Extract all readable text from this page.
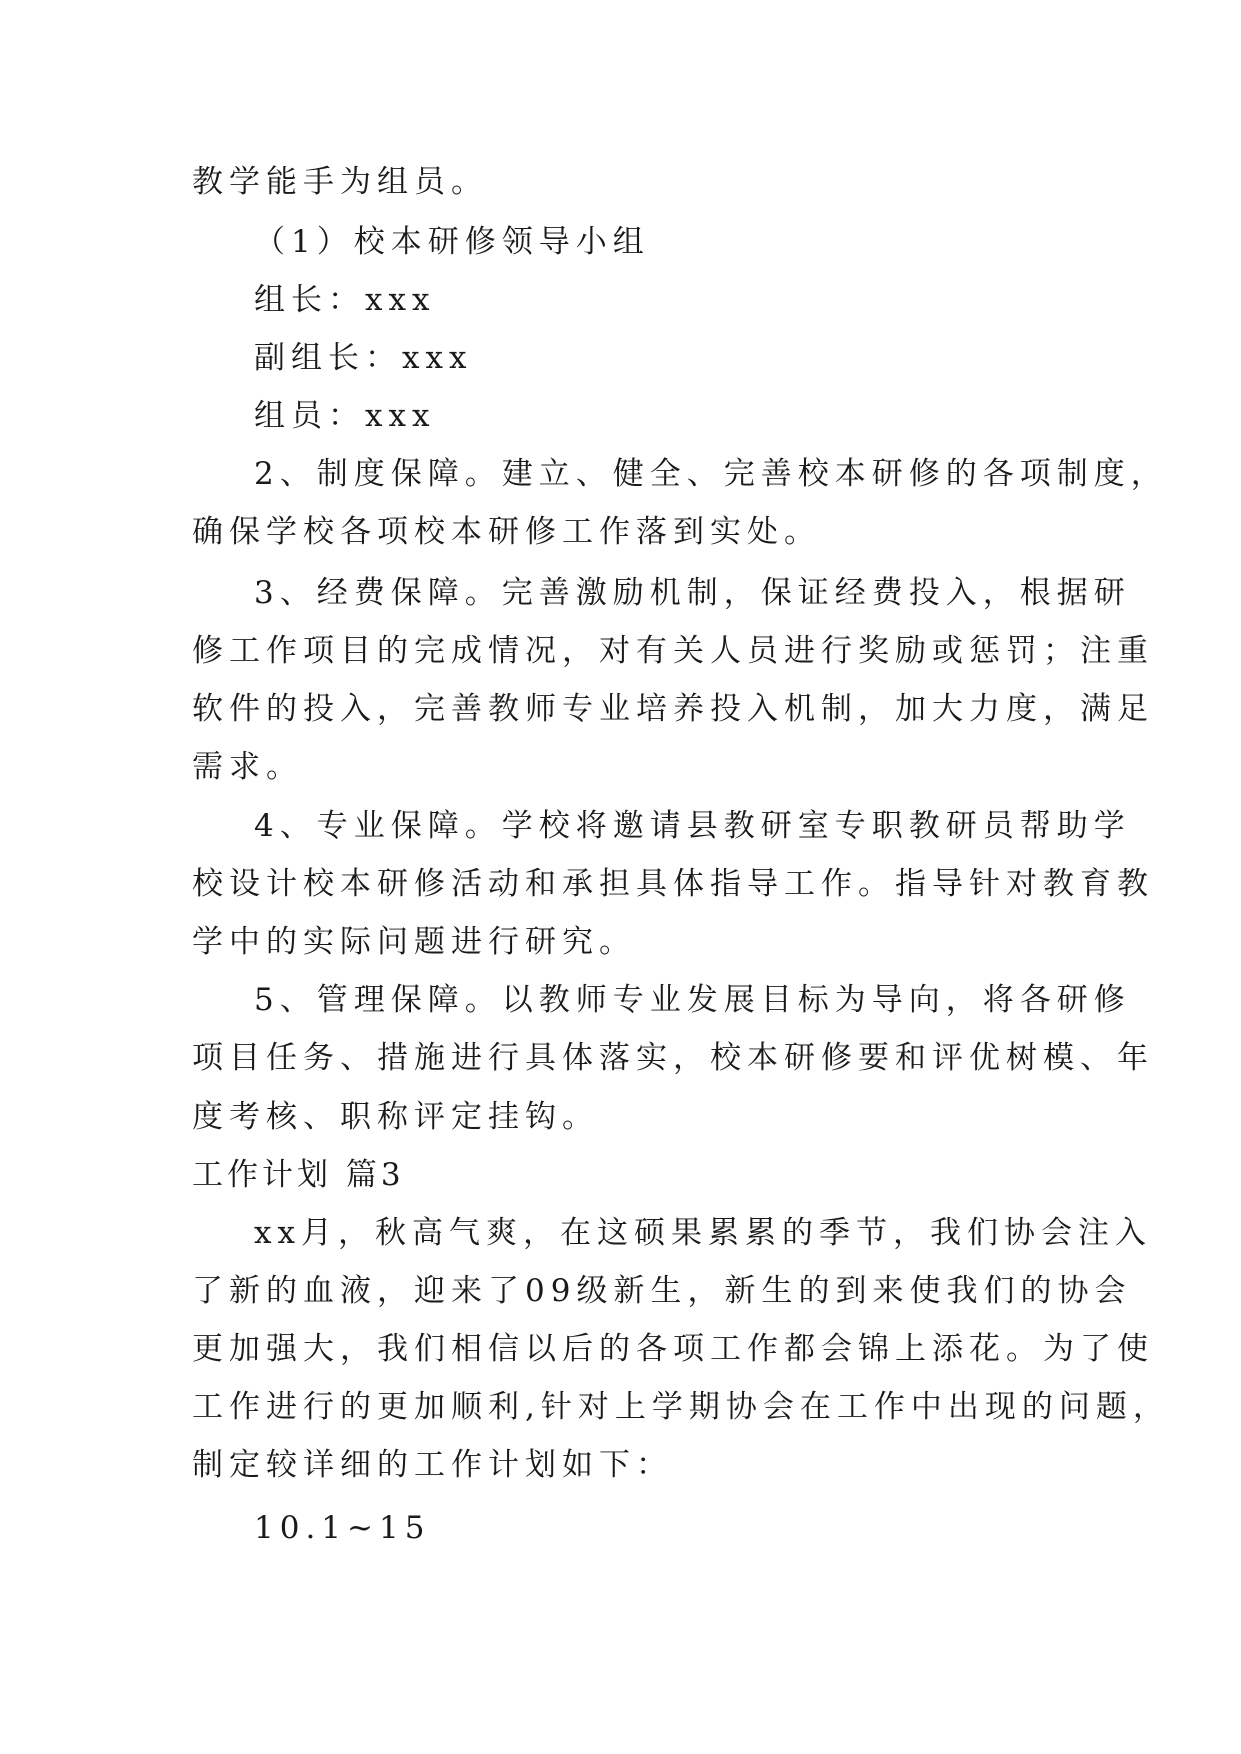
教学能手为组员。

（1）校本研修领导小组

组长：xxx

副组长：xxx

组员：xxx

2、制度保障。建立、健全、完善校本研修的各项制度，

确保学校各项校本研修工作落到实处。

3、经费保障。完善激励机制，保证经费投入，根据研

修工作项目的完成情况，对有关人员进行奖励或惩罚；注重

软件的投入，完善教师专业培养投入机制，加大力度，满足

需求。

4、专业保障。学校将邀请县教研室专职教研员帮助学

校设计校本研修活动和承担具体指导工作。指导针对教育教

学中的实际问题进行研究。

5、管理保障。以教师专业发展目标为导向，将各研修

项目任务、措施进行具体落实，校本研修要和评优树模、年

度考核、职称评定挂钩。

工作计划 篇3

xx月，秋高气爽，在这硕果累累的季节，我们协会注入

了新的血液，迎来了09级新生，新生的到来使我们的协会

更加强大，我们相信以后的各项工作都会锦上添花。为了使

工作进行的更加顺利,针对上学期协会在工作中出现的问题，

制定较详细的工作计划如下：

10.1~15
